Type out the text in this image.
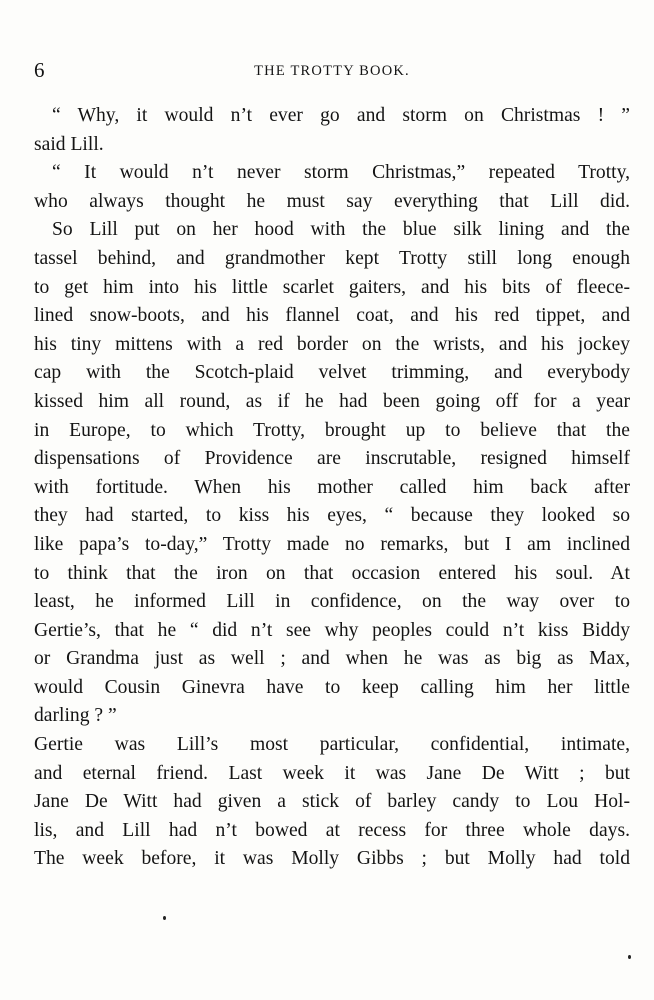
6	THE TROTTY BOOK.
“ Why, it would n’t ever go and storm on Christmas ! ”
said Lill.
“ It would n’t never storm Christmas,” repeated Trotty,
who always thought he must say everything that Lill did.
So Lill put on her hood with the blue silk lining and the
tassel behind, and grandmother kept Trotty still long enough
to get him into his little scarlet gaiters, and his bits of fleece-
lined snow-boots, and his flannel coat, and his red tippet, and
his tiny mittens with a red border on the wrists, and his jockey
cap with the Scotch-plaid velvet trimming, and everybody
kissed him all round, as if he had been going off for a year
in Europe, to which Trotty, brought up to believe that the
dispensations of Providence are inscrutable, resigned himself
with fortitude. When his mother called him back after
they had started, to kiss his eyes, “ because they looked so
like papa’s to-day,” Trotty made no remarks, but I am inclined
to think that the iron on that occasion entered his soul. At
least, he informed Lill in confidence, on the way over to
Gertie’s, that he “ did n’t see why peoples could n’t kiss Biddy
or Grandma just as well ; and when he was as big as Max,
would Cousin Ginevra have to keep calling him her little
darling ? ”
Gertie was Lill’s most particular, confidential, intimate,
and eternal friend. Last week it was Jane De Witt ; but
Jane De Witt had given a stick of barley candy to Lou Hol-
lis, and Lill had n’t bowed at recess for three whole days.
The week before, it was Molly Gibbs ; but Molly had told
